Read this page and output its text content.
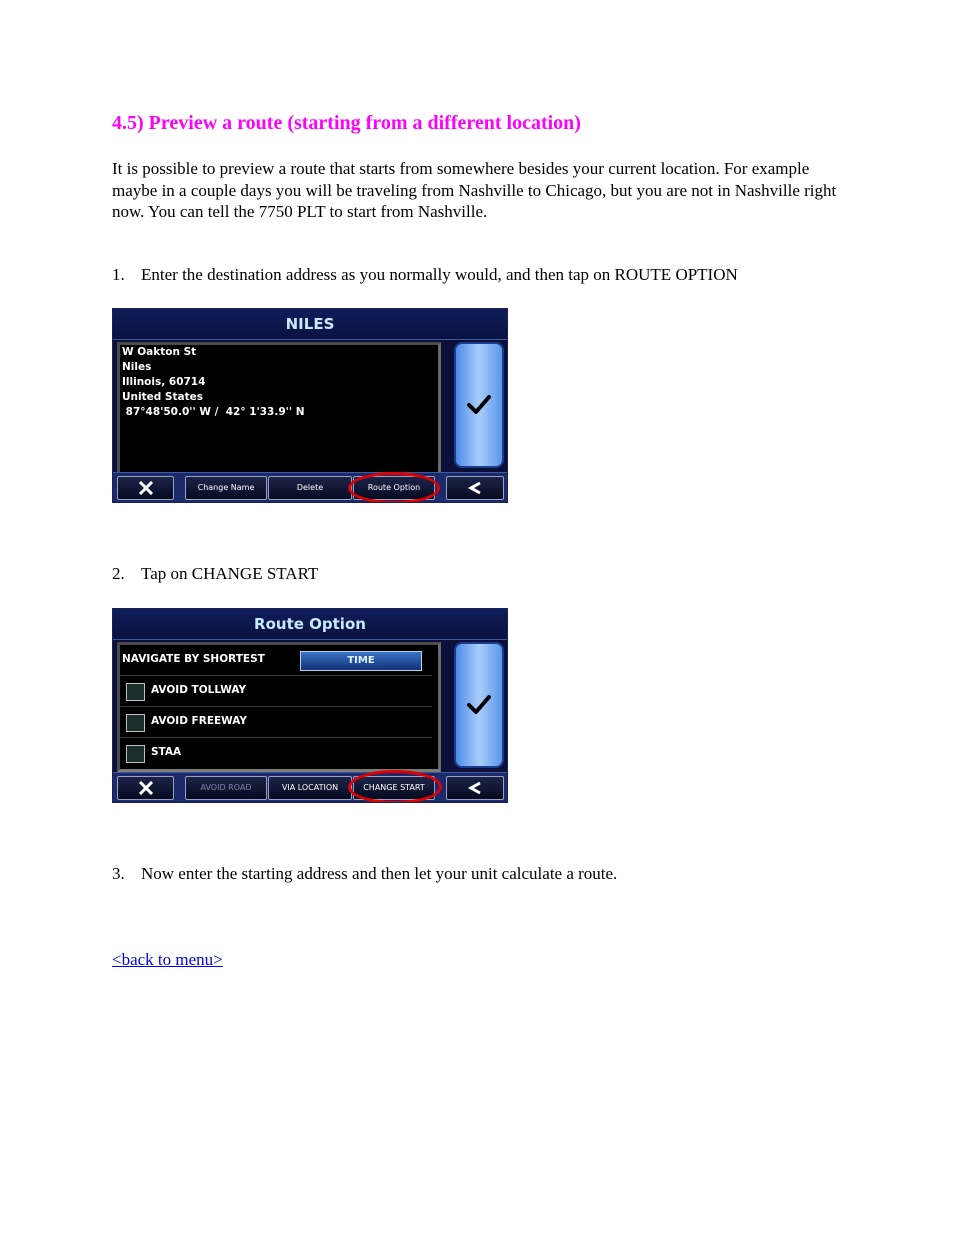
4.5) Preview a route (starting from a different location)
It is possible to preview a route that starts from somewhere besides your current location. For example maybe in a couple days you will be traveling from Nashville to Chicago, but you are not in Nashville right now. You can tell the 7750 PLT to start from Nashville.
1. Enter the destination address as you normally would, and then tap on ROUTE OPTION
NILES
W Oakton St
Niles
Illinois, 60714
United States
87°48'50.0'' W /  42° 1'33.9'' N
Change Name	Delete	Route Option
2. Tap on CHANGE START
Route Option
NAVIGATE BY SHORTEST	TIME
AVOID TOLLWAY
AVOID FREEWAY
STAA
AVOID ROAD	VIA LOCATION	CHANGE START
3. Now enter the starting address and then let your unit calculate a route.
<back to menu>
